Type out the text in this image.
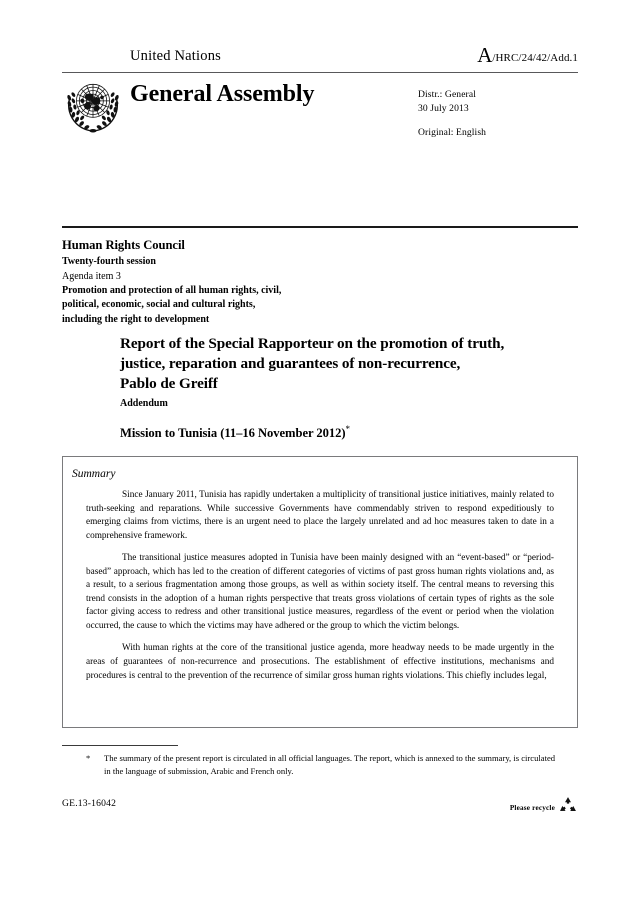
United Nations	A/HRC/24/42/Add.1
General Assembly	Distr.: General
30 July 2013
Original: English
Human Rights Council
Twenty-fourth session
Agenda item 3
Promotion and protection of all human rights, civil,
political, economic, social and cultural rights,
including the right to development
Report of the Special Rapporteur on the promotion of truth,
justice, reparation and guarantees of non-recurrence,
Pablo de Greiff
Addendum
Mission to Tunisia (11–16 November 2012)*
Summary

Since January 2011, Tunisia has rapidly undertaken a multiplicity of transitional justice initiatives, mainly related to truth-seeking and reparations. While successive Governments have commendably striven to respond expeditiously to emerging claims from victims, there is an urgent need to place the largely unrelated and ad hoc measures taken to date in a comprehensive framework.

The transitional justice measures adopted in Tunisia have been mainly designed with an “event-based” or “period-based” approach, which has led to the creation of different categories of victims of past gross human rights violations and, as a result, to a serious fragmentation among those groups, as well as within society itself. The central means to reversing this trend consists in the adoption of a human rights perspective that treats gross violations of certain types of rights as the sole factor giving access to redress and other transitional justice measures, regardless of the event or period when the violation occurred, the cause to which the victims may have adhered or the group to which the victim belongs.

With human rights at the core of the transitional justice agenda, more headway needs to be made urgently in the areas of guarantees of non-recurrence and prosecutions. The establishment of effective institutions, mechanisms and procedures is central to the prevention of the recurrence of similar gross human rights violations. This chiefly includes legal,

*	The summary of the present report is circulated in all official languages. The report, which is annexed to the summary, is circulated in the language of submission, Arabic and French only.
GE.13-16042	Please recycle
